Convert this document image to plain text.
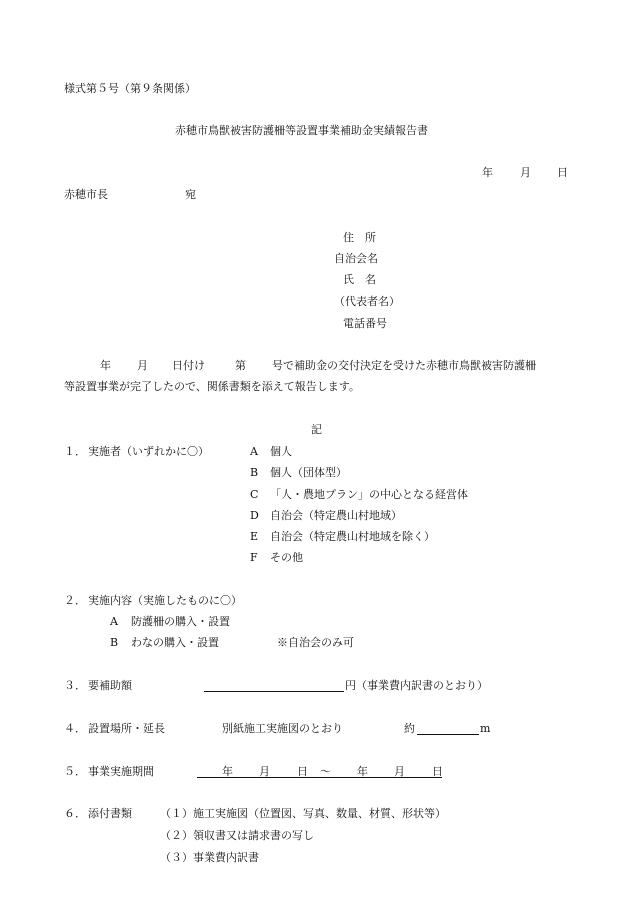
様式第５号（第９条関係）
赤穂市鳥獣被害防護柵等設置事業補助金実績報告書
年 月 日
赤穂市長	宛
住　所
自治会名
氏　名
（代表者名）
電話番号
年 月 日付け	第 号で補助金の交付決定を受けた赤穂市鳥獣被害防護柵
等設置事業が完了したので、関係書類を添えて報告します。
記
１． 実施者（いずれかに〇）	A 個人
B 個人（団体型）
C 「人・農地プラン」の中心となる経営体
D 自治会（特定農山村地域）
E 自治会（特定農山村地域を除く）
F その他
２． 実施内容（実施したものに〇）
A 防護柵の購入・設置
B わなの購入・設置	※自治会のみ可
３． 要補助額	円（事業費内訳書のとおり）
４． 設置場所・延長	別紙施工実施図のとおり	約	m
５． 事業実施期間	年 月 日 ～ 年 月 日
６． 添付書類	（１）施工実施図（位置図、写真、数量、材質、形状等）
（２）領収書又は請求書の写し
（３）事業費内訳書
